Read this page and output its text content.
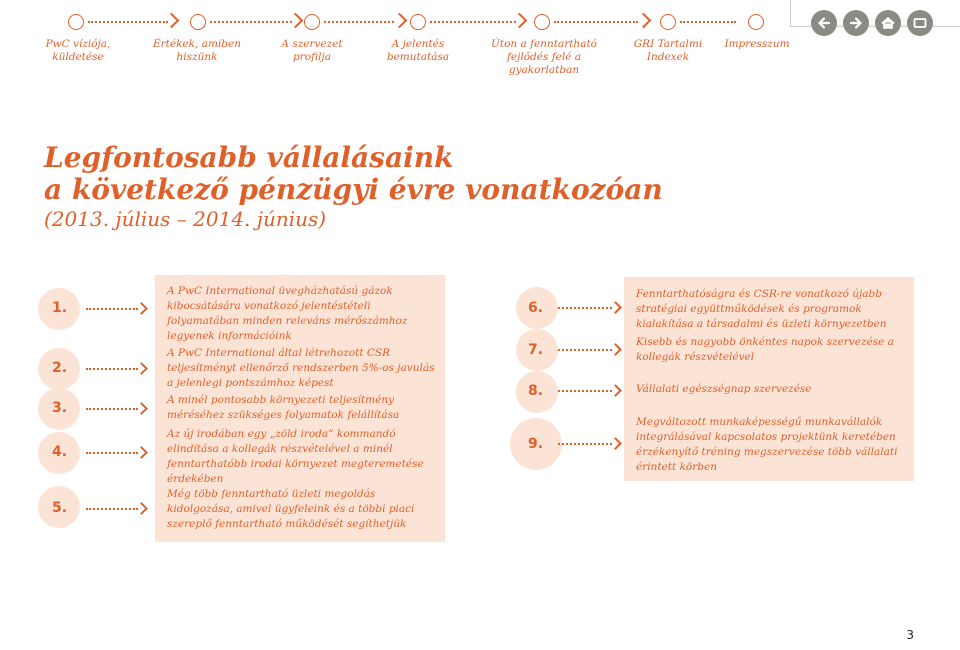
PwC víziója, küldetése
Értékek, amiben hiszünk
A szervezet profilja
A jelentés bemutatása
Úton a fenntartható fejlődés felé a gyakorlatban
GRI Tartalmi Indexek
Impresszum
Legfontosabb vállalásaink
a következő pénzügyi évre vonatkozóan
(2013. július – 2014. június)
1.
2.
3.
4.
5.
A PwC International üvegházhatású gázok kibocsátására vonatkozó jelentéstételi folyamatában minden releváns mérőszámhoz legyenek információink
A PwC International által létrehozott CSR teljesítményt ellenőrző rendszerben 5%-os javulás a jelenlegi pontszámhoz képest
A minél pontosabb környezeti teljesítmény méréséhez szükséges folyamatok felállítása
Az új irodában egy „zöld iroda” kommandó elindítása a kollegák részvételével a minél fenntarthatóbb irodai környezet megteremetése érdekében
Még több fenntartható üzleti megoldás kidolgozása, amivel ügyfeleink és a többi piaci szereplő fenntartható működését segíthetjük
6.
7.
8.
9.
Fenntarthatóságra és CSR-re vonatkozó újabb stratégiai együttműködések és programok kialakítása a társadalmi és üzleti környezetben
Kisebb és nagyobb önkéntes napok szervezése a kollegák részvételével
Vállalati egészségnap szervezése
Megváltozott munkaképességű munkavállalók integrálásával kapcsolatos projektünk keretében érzékenyítő tréning megszervezése több vállalati érintett körben
3
